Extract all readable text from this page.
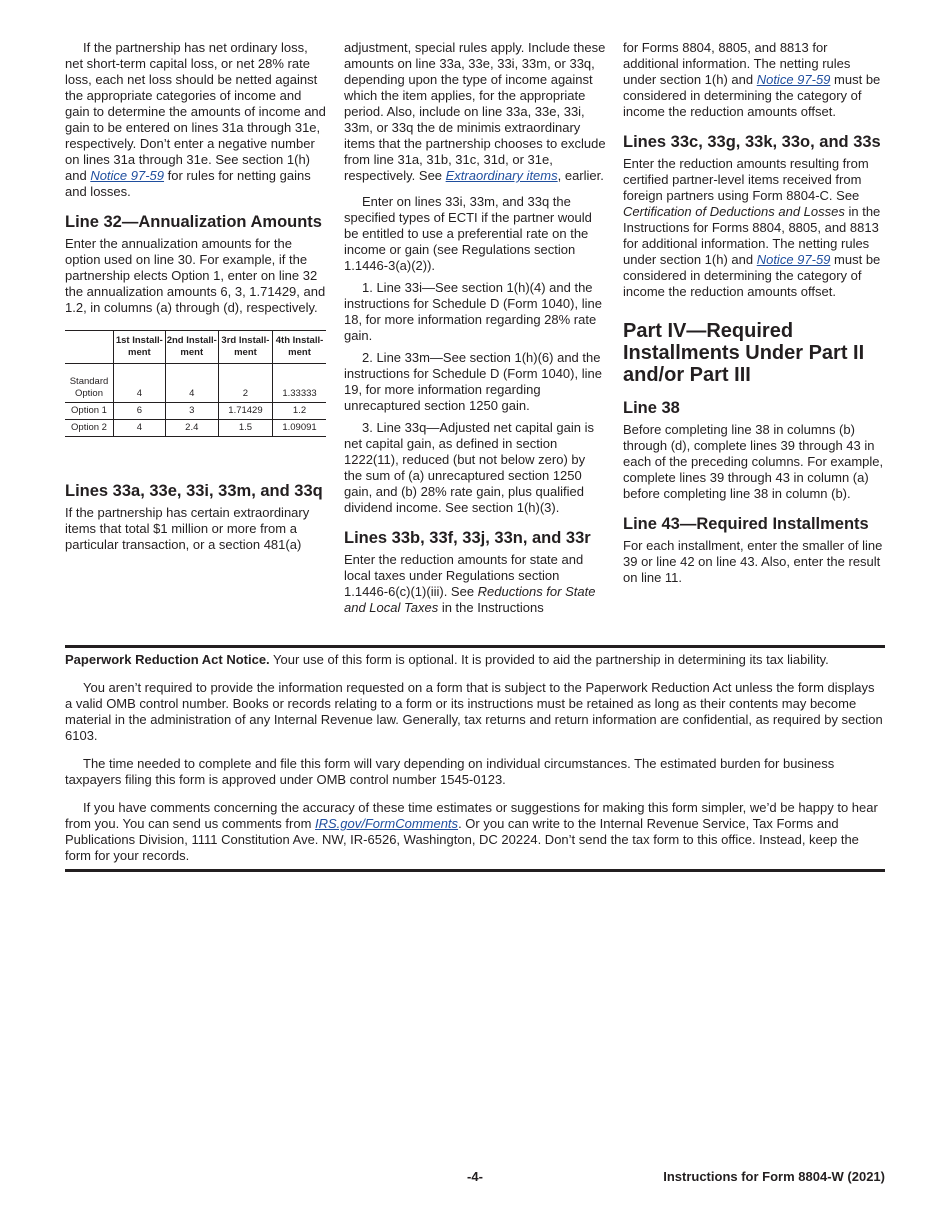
If the partnership has net ordinary loss, net short-term capital loss, or net 28% rate loss, each net loss should be netted against the appropriate categories of income and gain to determine the amounts of income and gain to be entered on lines 31a through 31e, respectively. Don’t enter a negative number on lines 31a through 31e. See section 1(h) and Notice 97-59 for rules for netting gains and losses.

Line 32—Annualization Amounts

Enter the annualization amounts for the option used on line 30. For example, if the partnership elects Option 1, enter on line 32 the annualization amounts 6, 3, 1.71429, and 1.2, in columns (a) through (d), respectively.

	1st Install-ment	2nd Install-ment	3rd Install-ment	4th Install-ment
Standard Option	4	4	2	1.33333
Option 1	6	3	1.71429	1.2
Option 2	4	2.4	1.5	1.09091
Lines 33a, 33e, 33i, 33m, and 33q

If the partnership has certain extraordinary items that total $1 million or more from a particular transaction, or a section 481(a)

adjustment, special rules apply. Include these amounts on line 33a, 33e, 33i, 33m, or 33q, depending upon the type of income against which the item applies, for the appropriate period. Also, include on line 33a, 33e, 33i, 33m, or 33q the de minimis extraordinary items that the partnership chooses to exclude from line 31a, 31b, 31c, 31d, or 31e, respectively. See Extraordinary items, earlier.

Enter on lines 33i, 33m, and 33q the specified types of ECTI if the partner would be entitled to use a preferential rate on the income or gain (see Regulations section 1.1446-3(a)(2)).

1. Line 33i—See section 1(h)(4) and the instructions for Schedule D (Form 1040), line 18, for more information regarding 28% rate gain.

2. Line 33m—See section 1(h)(6) and the instructions for Schedule D (Form 1040), line 19, for more information regarding unrecaptured section 1250 gain.

3. Line 33q—Adjusted net capital gain is net capital gain, as defined in section 1222(11), reduced (but not below zero) by the sum of (a) unrecaptured section 1250 gain, and (b) 28% rate gain, plus qualified dividend income. See section 1(h)(3).

Lines 33b, 33f, 33j, 33n, and 33r

Enter the reduction amounts for state and local taxes under Regulations section 1.1446-6(c)(1)(iii). See Reductions for State and Local Taxes in the Instructions

for Forms 8804, 8805, and 8813 for additional information. The netting rules under section 1(h) and Notice 97-59 must be considered in determining the category of income the reduction amounts offset.

Lines 33c, 33g, 33k, 33o, and 33s

Enter the reduction amounts resulting from certified partner-level items received from foreign partners using Form 8804-C. See Certification of Deductions and Losses in the Instructions for Forms 8804, 8805, and 8813 for additional information. The netting rules under section 1(h) and Notice 97-59 must be considered in determining the category of income the reduction amounts offset.

Part IV—Required Installments Under Part II and/or Part III
Line 38

Before completing line 38 in columns (b) through (d), complete lines 39 through 43 in each of the preceding columns. For example, complete lines 39 through 43 in column (a) before completing line 38 in column (b).

Line 43—Required Installments

For each installment, enter the smaller of line 39 or line 42 on line 43. Also, enter the result on line 11.

Paperwork Reduction Act Notice. Your use of this form is optional. It is provided to aid the partnership in determining its tax liability.

You aren’t required to provide the information requested on a form that is subject to the Paperwork Reduction Act unless the form displays a valid OMB control number. Books or records relating to a form or its instructions must be retained as long as their contents may become material in the administration of any Internal Revenue law. Generally, tax returns and return information are confidential, as required by section 6103.

The time needed to complete and file this form will vary depending on individual circumstances. The estimated burden for business taxpayers filing this form is approved under OMB control number 1545-0123.

If you have comments concerning the accuracy of these time estimates or suggestions for making this form simpler, we’d be happy to hear from you. You can send us comments from IRS.gov/FormComments. Or you can write to the Internal Revenue Service, Tax Forms and Publications Division, 1111 Constitution Ave. NW, IR-6526, Washington, DC 20224. Don’t send the tax form to this office. Instead, keep the form for your records.

-4-	Instructions for Form 8804-W (2021)
